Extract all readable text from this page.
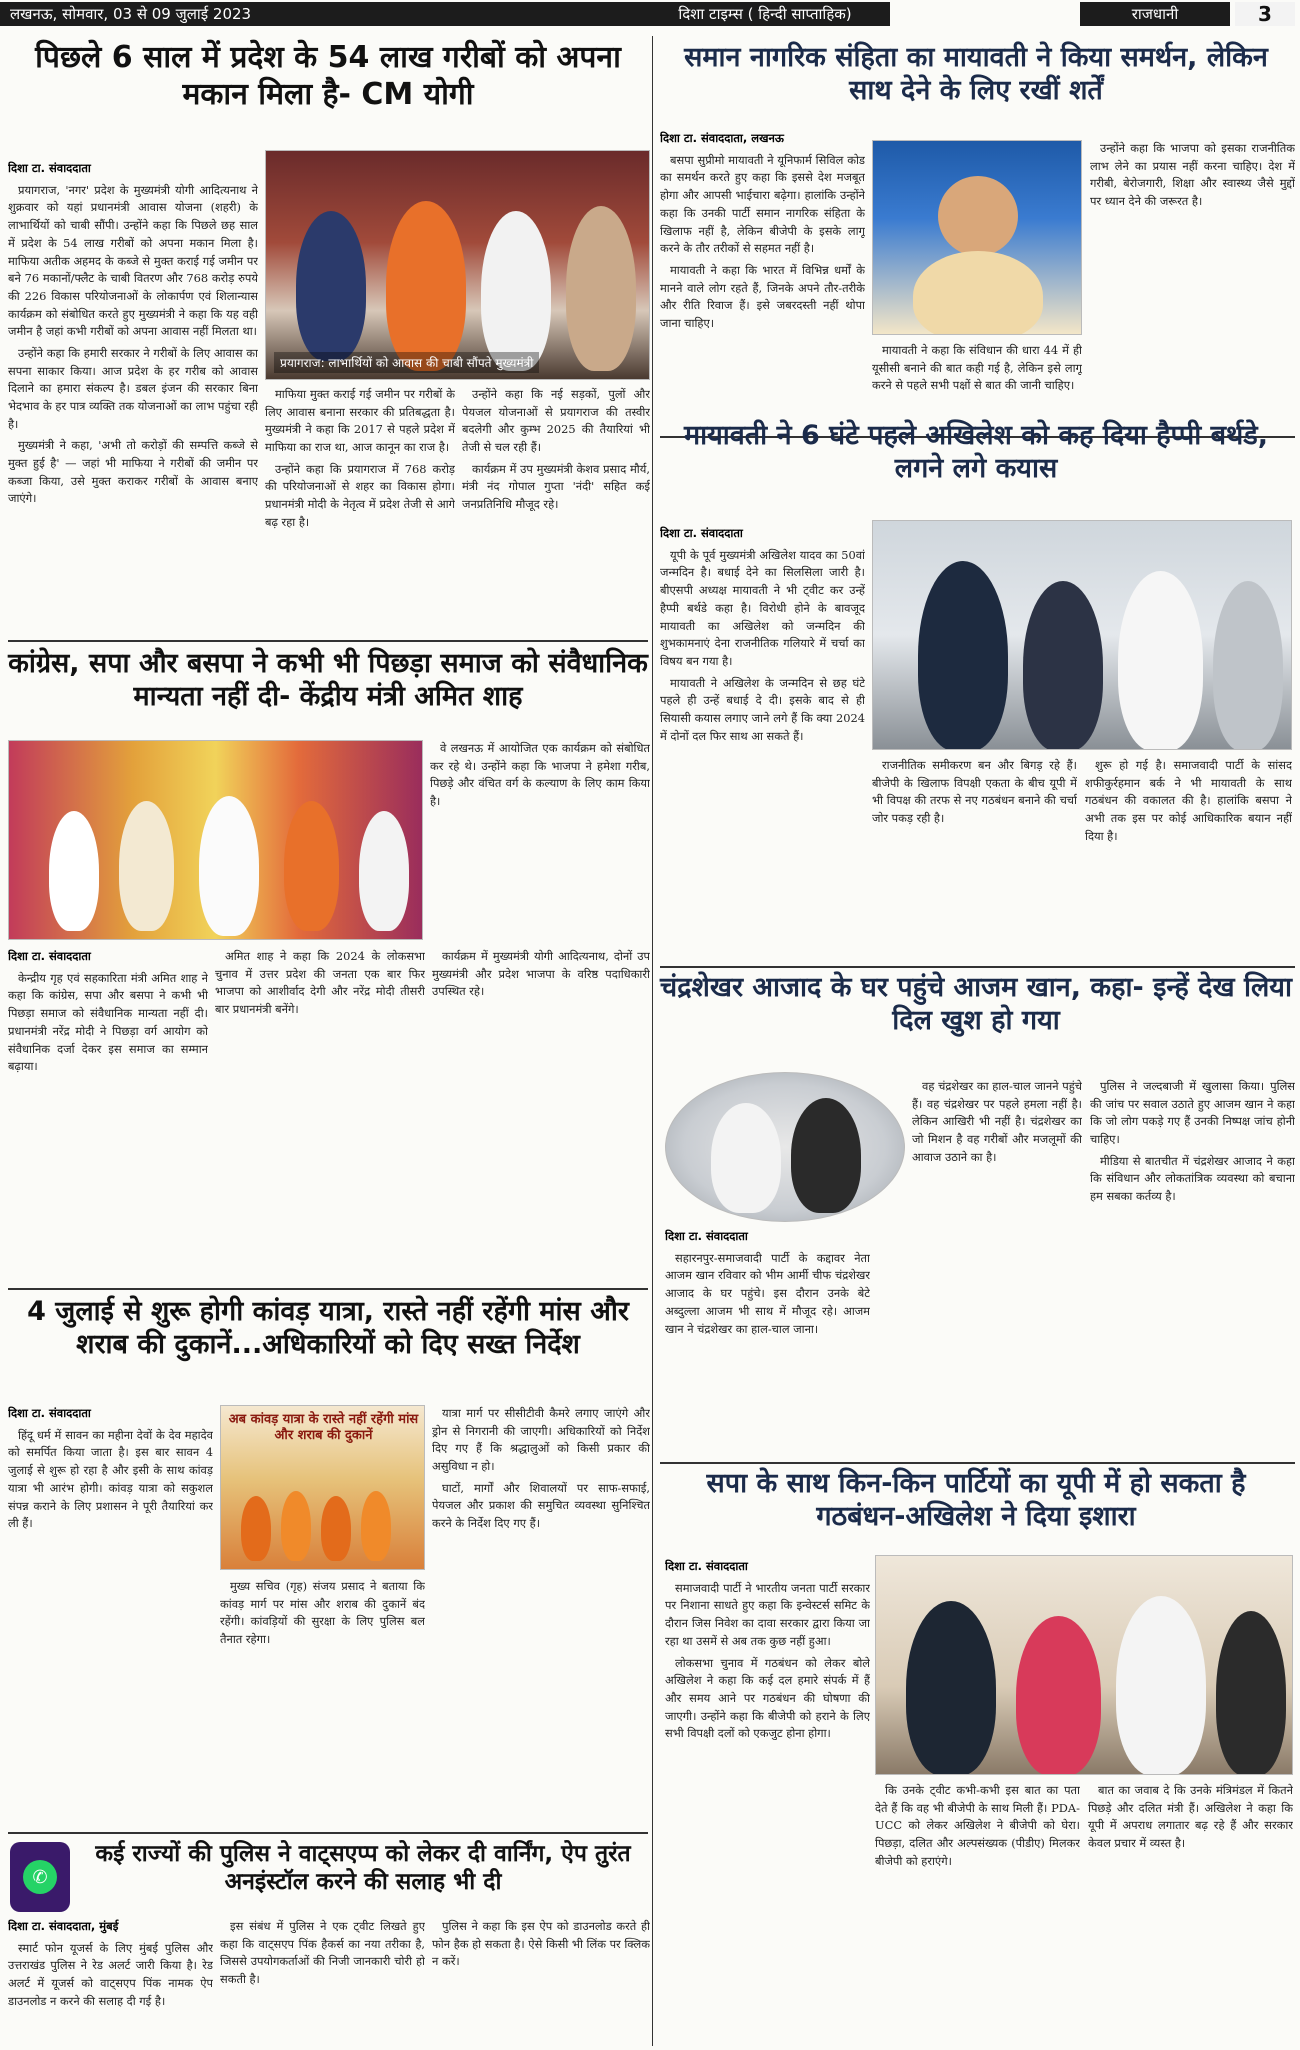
लखनऊ, सोमवार, 03 से 09 जुलाई 2023	दिशा टाइम्स ( हिन्दी साप्ताहिक)	राजधानी	3
पिछले 6 साल में प्रदेश के 54 लाख गरीबों को अपना मकान मिला है- CM योगी

दिशा टा. संवाददाता

प्रयागराज, 'नगर' प्रदेश के मुख्यमंत्री योगी आदित्यनाथ ने शुक्रवार को यहां प्रधानमंत्री आवास योजना (शहरी) के लाभार्थियों को चाबी सौंपी। उन्होंने कहा कि पिछले छह साल में प्रदेश के 54 लाख गरीबों को अपना मकान मिला है। माफिया अतीक अहमद के कब्जे से मुक्त कराई गई जमीन पर बने 76 मकानों/फ्लैट के चाबी वितरण और 768 करोड़ रुपये की 226 विकास परियोजनाओं के लोकार्पण एवं शिलान्यास कार्यक्रम को संबोधित करते हुए मुख्यमंत्री ने कहा कि यह वही जमीन है जहां कभी गरीबों को अपना आवास नहीं मिलता था।

उन्होंने कहा कि हमारी सरकार ने गरीबों के लिए आवास का सपना साकार किया। आज प्रदेश के हर गरीब को आवास दिलाने का हमारा संकल्प है। डबल इंजन की सरकार बिना भेदभाव के हर पात्र व्यक्ति तक योजनाओं का लाभ पहुंचा रही है।

मुख्यमंत्री ने कहा, 'अभी तो करोड़ों की सम्पत्ति कब्जे से मुक्त हुई है' — जहां भी माफिया ने गरीबों की जमीन पर कब्जा किया, उसे मुक्त कराकर गरीबों के आवास बनाए जाएंगे।

प्रयागराज: लाभार्थियों को आवास की चाबी सौंपते मुख्यमंत्री

माफिया मुक्त कराई गई जमीन पर गरीबों के लिए आवास बनाना सरकार की प्रतिबद्धता है। मुख्यमंत्री ने कहा कि 2017 से पहले प्रदेश में माफिया का राज था, आज कानून का राज है।

उन्होंने कहा कि प्रयागराज में 768 करोड़ की परियोजनाओं से शहर का विकास होगा। प्रधानमंत्री मोदी के नेतृत्व में प्रदेश तेजी से आगे बढ़ रहा है।

उन्होंने कहा कि नई सड़कों, पुलों और पेयजल योजनाओं से प्रयागराज की तस्वीर बदलेगी और कुम्भ 2025 की तैयारियां भी तेजी से चल रही हैं।

कार्यक्रम में उप मुख्यमंत्री केशव प्रसाद मौर्य, मंत्री नंद गोपाल गुप्ता 'नंदी' सहित कई जनप्रतिनिधि मौजूद रहे।

कांग्रेस, सपा और बसपा ने कभी भी पिछड़ा समाज को संवैधानिक मान्यता नहीं दी- केंद्रीय मंत्री अमित शाह

वे लखनऊ में आयोजित एक कार्यक्रम को संबोधित कर रहे थे। उन्होंने कहा कि भाजपा ने हमेशा गरीब, पिछड़े और वंचित वर्ग के कल्याण के लिए काम किया है।

दिशा टा. संवाददाता

केन्द्रीय गृह एवं सहकारिता मंत्री अमित शाह ने कहा कि कांग्रेस, सपा और बसपा ने कभी भी पिछड़ा समाज को संवैधानिक मान्यता नहीं दी। प्रधानमंत्री नरेंद्र मोदी ने पिछड़ा वर्ग आयोग को संवैधानिक दर्जा देकर इस समाज का सम्मान बढ़ाया।

अमित शाह ने कहा कि 2024 के लोकसभा चुनाव में उत्तर प्रदेश की जनता एक बार फिर भाजपा को आशीर्वाद देगी और नरेंद्र मोदी तीसरी बार प्रधानमंत्री बनेंगे।

कार्यक्रम में मुख्यमंत्री योगी आदित्यनाथ, दोनों उप मुख्यमंत्री और प्रदेश भाजपा के वरिष्ठ पदाधिकारी उपस्थित रहे।

4 जुलाई से शुरू होगी कांवड़ यात्रा, रास्ते नहीं रहेंगी मांस और शराब की दुकानें...अधिकारियों को दिए सख्त निर्देश

दिशा टा. संवाददाता

हिंदू धर्म में सावन का महीना देवों के देव महादेव को समर्पित किया जाता है। इस बार सावन 4 जुलाई से शुरू हो रहा है और इसी के साथ कांवड़ यात्रा भी आरंभ होगी। कांवड़ यात्रा को सकुशल संपन्न कराने के लिए प्रशासन ने पूरी तैयारियां कर ली हैं।

अब कांवड़ यात्रा के रास्ते नहीं रहेंगी मांस और शराब की दुकानें

मुख्य सचिव (गृह) संजय प्रसाद ने बताया कि कांवड़ मार्ग पर मांस और शराब की दुकानें बंद रहेंगी। कांवड़ियों की सुरक्षा के लिए पुलिस बल तैनात रहेगा।

यात्रा मार्ग पर सीसीटीवी कैमरे लगाए जाएंगे और ड्रोन से निगरानी की जाएगी। अधिकारियों को निर्देश दिए गए हैं कि श्रद्धालुओं को किसी प्रकार की असुविधा न हो।

घाटों, मार्गों और शिवालयों पर साफ-सफाई, पेयजल और प्रकाश की समुचित व्यवस्था सुनिश्चित करने के निर्देश दिए गए हैं।

✆
कई राज्यों की पुलिस ने वाट्सएप्प को लेकर दी वार्निंग, ऐप तुरंत अनइंस्टॉल करने की सलाह भी दी

दिशा टा. संवाददाता, मुंबई

स्मार्ट फोन यूजर्स के लिए मुंबई पुलिस और उत्तराखंड पुलिस ने रेड अलर्ट जारी किया है। रेड अलर्ट में यूजर्स को वाट्सएप पिंक नामक ऐप डाउनलोड न करने की सलाह दी गई है।

इस संबंध में पुलिस ने एक ट्वीट लिखते हुए कहा कि वाट्सएप पिंक हैकर्स का नया तरीका है, जिससे उपयोगकर्ताओं की निजी जानकारी चोरी हो सकती है।

पुलिस ने कहा कि इस ऐप को डाउनलोड करते ही फोन हैक हो सकता है। ऐसे किसी भी लिंक पर क्लिक न करें।

समान नागरिक संहिता का मायावती ने किया समर्थन, लेकिन साथ देने के लिए रखीं शर्तें

दिशा टा. संवाददाता, लखनऊ

बसपा सुप्रीमो मायावती ने यूनिफार्म सिविल कोड का समर्थन करते हुए कहा कि इससे देश मजबूत होगा और आपसी भाईचारा बढ़ेगा। हालांकि उन्होंने कहा कि उनकी पार्टी समान नागरिक संहिता के खिलाफ नहीं है, लेकिन बीजेपी के इसके लागू करने के तौर तरीकों से सहमत नहीं है।

मायावती ने कहा कि भारत में विभिन्न धर्मों के मानने वाले लोग रहते हैं, जिनके अपने तौर-तरीके और रीति रिवाज हैं। इसे जबरदस्ती नहीं थोपा जाना चाहिए।

मायावती ने कहा कि संविधान की धारा 44 में ही यूसीसी बनाने की बात कही गई है, लेकिन इसे लागू करने से पहले सभी पक्षों से बात की जानी चाहिए।

उन्होंने कहा कि भाजपा को इसका राजनीतिक लाभ लेने का प्रयास नहीं करना चाहिए। देश में गरीबी, बेरोजगारी, शिक्षा और स्वास्थ्य जैसे मुद्दों पर ध्यान देने की जरूरत है।

मायावती ने 6 घंटे पहले अखिलेश को कह दिया हैप्पी बर्थडे, लगने लगे कयास

दिशा टा. संवाददाता

यूपी के पूर्व मुख्यमंत्री अखिलेश यादव का 50वां जन्मदिन है। बधाई देने का सिलसिला जारी है। बीएसपी अध्यक्ष मायावती ने भी ट्वीट कर उन्हें हैप्पी बर्थडे कहा है। विरोधी होने के बावजूद मायावती का अखिलेश को जन्मदिन की शुभकामनाएं देना राजनीतिक गलियारे में चर्चा का विषय बन गया है।

मायावती ने अखिलेश के जन्मदिन से छह घंटे पहले ही उन्हें बधाई दे दी। इसके बाद से ही सियासी कयास लगाए जाने लगे हैं कि क्या 2024 में दोनों दल फिर साथ आ सकते हैं।

राजनीतिक समीकरण बन और बिगड़ रहे हैं। बीजेपी के खिलाफ विपक्षी एकता के बीच यूपी में भी विपक्ष की तरफ से नए गठबंधन बनाने की चर्चा जोर पकड़ रही है।

शुरू हो गई है। समाजवादी पार्टी के सांसद शफीकुर्रहमान बर्क ने भी मायावती के साथ गठबंधन की वकालत की है। हालांकि बसपा ने अभी तक इस पर कोई आधिकारिक बयान नहीं दिया है।

चंद्रशेखर आजाद के घर पहुंचे आजम खान, कहा- इन्हें देख लिया दिल खुश हो गया

दिशा टा. संवाददाता

सहारनपुर-समाजवादी पार्टी के कद्दावर नेता आजम खान रविवार को भीम आर्मी चीफ चंद्रशेखर आजाद के घर पहुंचे। इस दौरान उनके बेटे अब्दुल्ला आजम भी साथ में मौजूद रहे। आजम खान ने चंद्रशेखर का हाल-चाल जाना।

वह चंद्रशेखर का हाल-चाल जानने पहुंचे हैं। वह चंद्रशेखर पर पहले हमला नहीं है। लेकिन आखिरी भी नहीं है। चंद्रशेखर का जो मिशन है वह गरीबों और मजलूमों की आवाज उठाने का है।

पुलिस ने जल्दबाजी में खुलासा किया। पुलिस की जांच पर सवाल उठाते हुए आजम खान ने कहा कि जो लोग पकड़े गए हैं उनकी निष्पक्ष जांच होनी चाहिए।

मीडिया से बातचीत में चंद्रशेखर आजाद ने कहा कि संविधान और लोकतांत्रिक व्यवस्था को बचाना हम सबका कर्तव्य है।

सपा के साथ किन-किन पार्टियों का यूपी में हो सकता है गठबंधन-अखिलेश ने दिया इशारा

दिशा टा. संवाददाता

समाजवादी पार्टी ने भारतीय जनता पार्टी सरकार पर निशाना साधते हुए कहा कि इन्वेस्टर्स समिट के दौरान जिस निवेश का दावा सरकार द्वारा किया जा रहा था उसमें से अब तक कुछ नहीं हुआ।

लोकसभा चुनाव में गठबंधन को लेकर बोले अखिलेश ने कहा कि कई दल हमारे संपर्क में हैं और समय आने पर गठबंधन की घोषणा की जाएगी। उन्होंने कहा कि बीजेपी को हराने के लिए सभी विपक्षी दलों को एकजुट होना होगा।

कि उनके ट्वीट कभी-कभी इस बात का पता देते हैं कि वह भी बीजेपी के साथ मिली हैं। PDA-UCC को लेकर अखिलेश ने बीजेपी को घेरा। पिछड़ा, दलित और अल्पसंख्यक (पीडीए) मिलकर बीजेपी को हराएंगे।

बात का जवाब दे कि उनके मंत्रिमंडल में कितने पिछड़े और दलित मंत्री हैं। अखिलेश ने कहा कि यूपी में अपराध लगातार बढ़ रहे हैं और सरकार केवल प्रचार में व्यस्त है।
